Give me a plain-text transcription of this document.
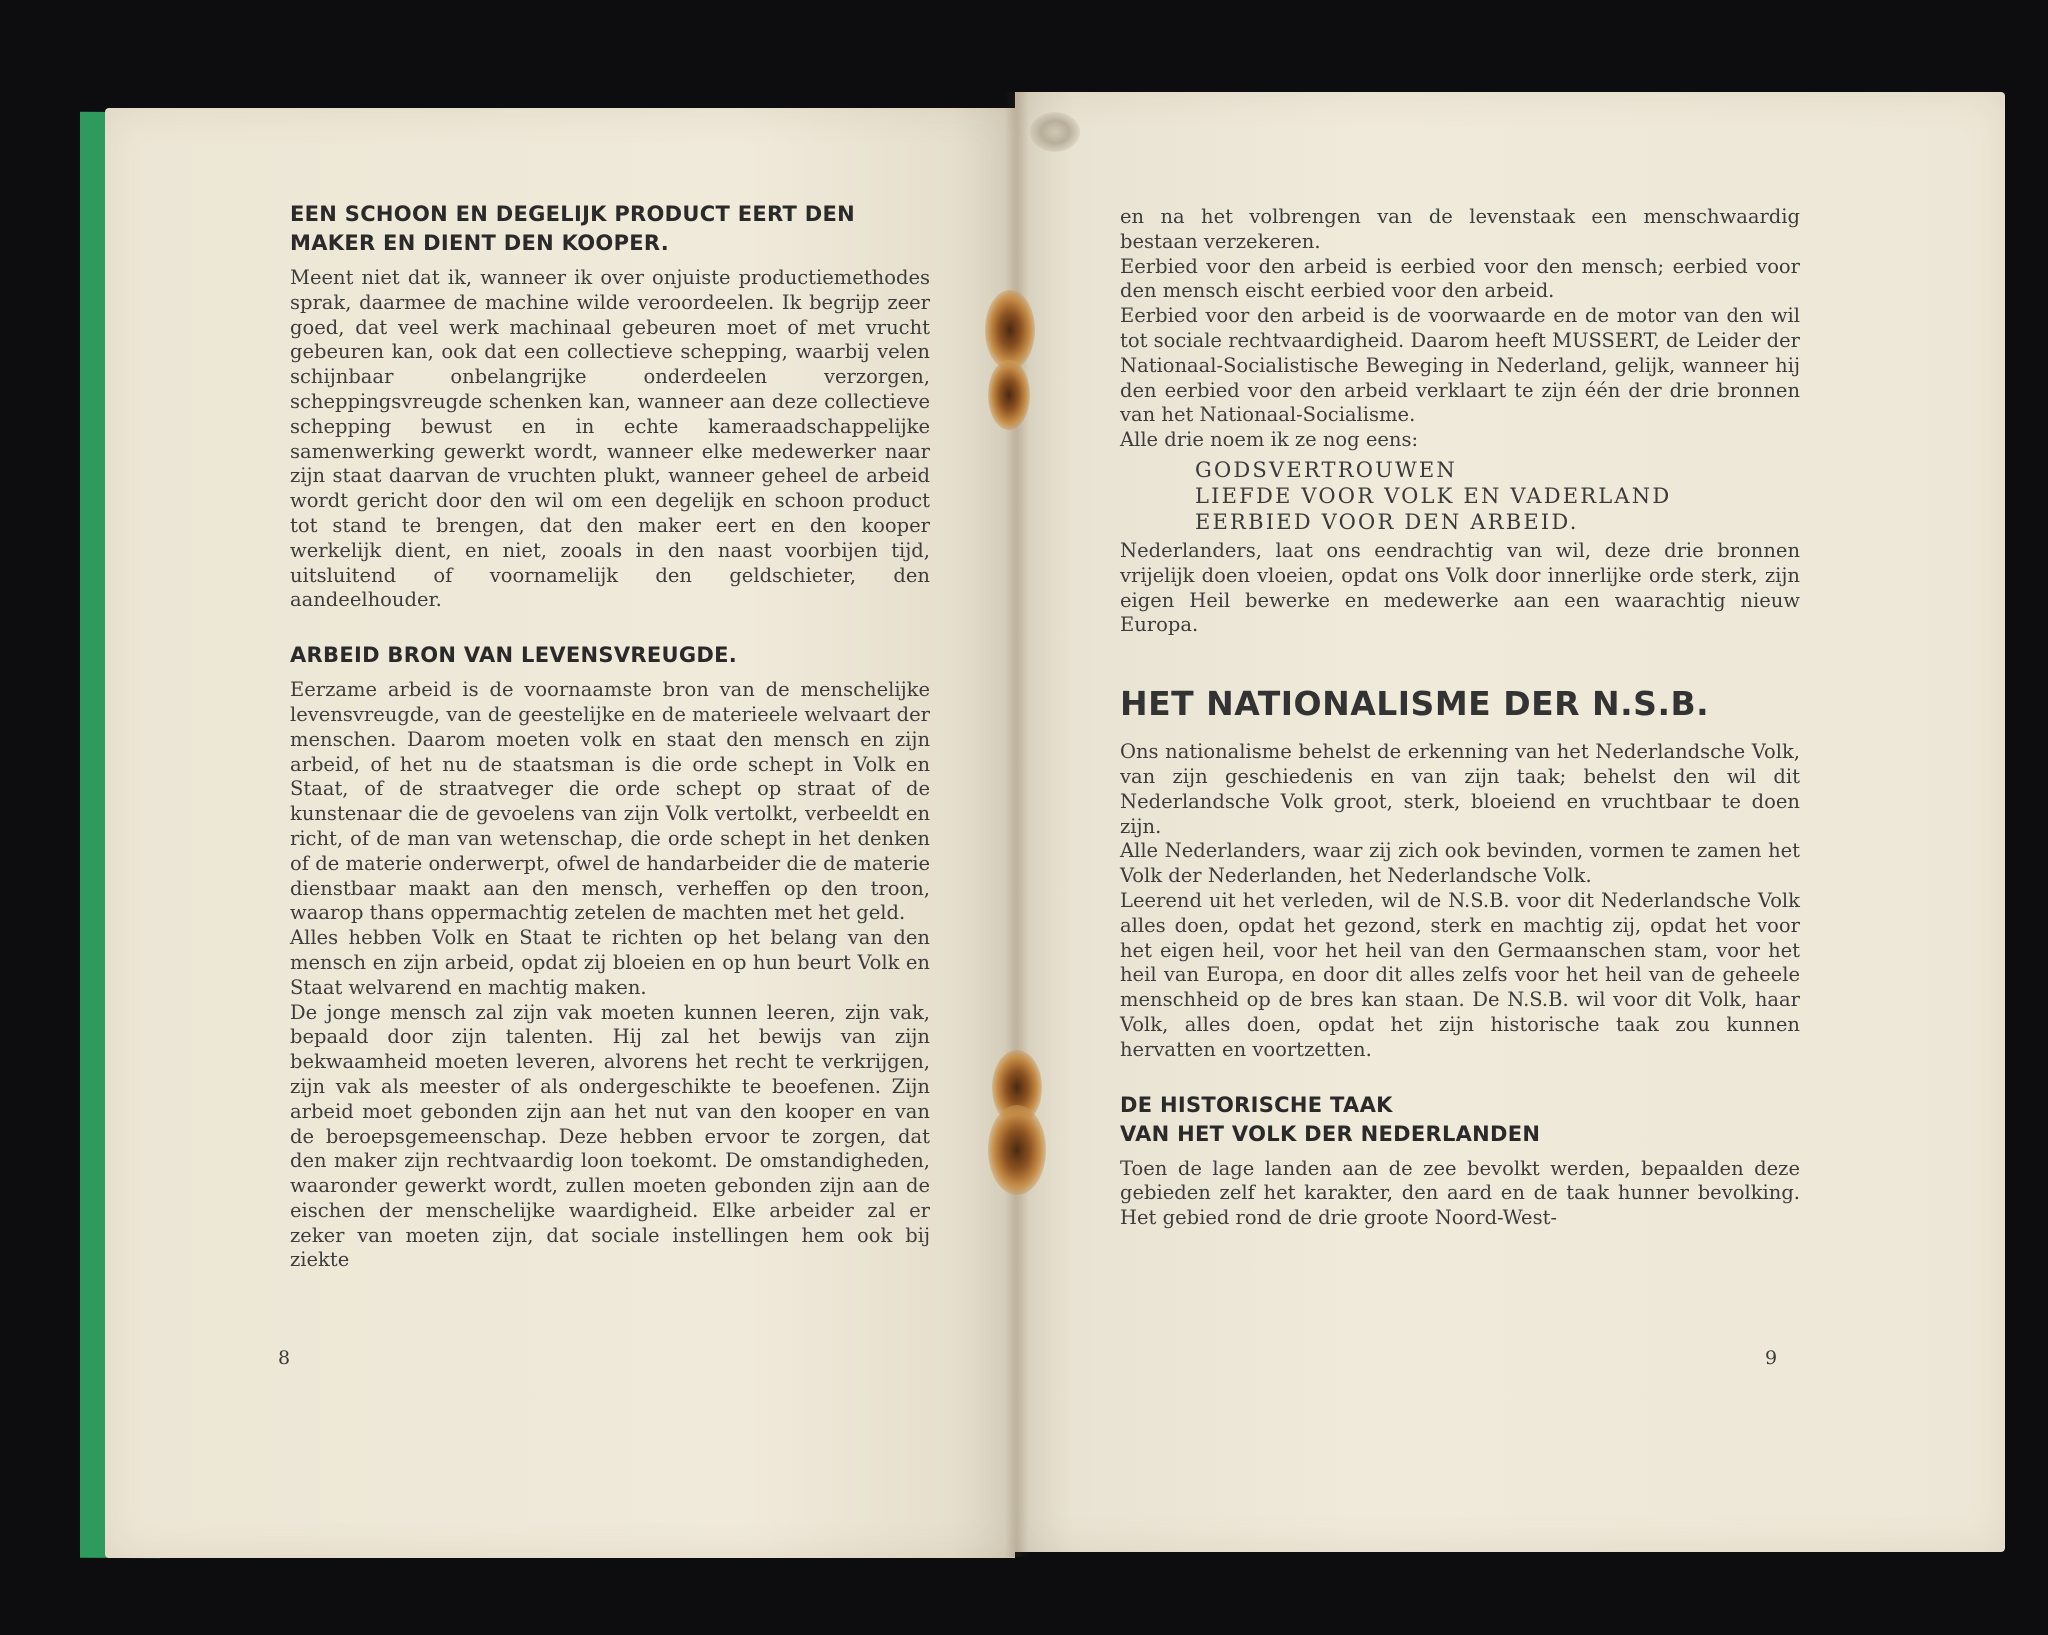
EEN SCHOON EN DEGELIJK PRODUCT EERT DEN
MAKER EN DIENT DEN KOOPER.

Meent niet dat ik, wanneer ik over onjuiste productiemethodes sprak, daarmee de machine wilde veroordeelen. Ik begrijp zeer goed, dat veel werk machinaal gebeuren moet of met vrucht gebeuren kan, ook dat een collectieve schepping, waarbij velen schijnbaar onbelangrijke onderdeelen verzorgen, scheppingsvreugde schenken kan, wanneer aan deze collectieve schepping bewust en in echte kameraadschappelijke samenwerking gewerkt wordt, wanneer elke medewerker naar zijn staat daarvan de vruchten plukt, wanneer geheel de arbeid wordt gericht door den wil om een degelijk en schoon product tot stand te brengen, dat den maker eert en den kooper werkelijk dient, en niet, zooals in den naast voorbijen tijd, uitsluitend of voornamelijk den geldschieter, den aandeelhouder.

ARBEID BRON VAN LEVENSVREUGDE.

Eerzame arbeid is de voornaamste bron van de menschelijke levensvreugde, van de geestelijke en de materieele welvaart der menschen. Daarom moeten volk en staat den mensch en zijn arbeid, of het nu de staatsman is die orde schept in Volk en Staat, of de straatveger die orde schept op straat of de kunstenaar die de gevoelens van zijn Volk vertolkt, verbeeldt en richt, of de man van wetenschap, die orde schept in het denken of de materie onderwerpt, ofwel de handarbeider die de materie dienstbaar maakt aan den mensch, verheffen op den troon, waarop thans oppermachtig zetelen de machten met het geld.

Alles hebben Volk en Staat te richten op het belang van den mensch en zijn arbeid, opdat zij bloeien en op hun beurt Volk en Staat welvarend en machtig maken.

De jonge mensch zal zijn vak moeten kunnen leeren, zijn vak, bepaald door zijn talenten. Hij zal het bewijs van zijn bekwaamheid moeten leveren, alvorens het recht te verkrijgen, zijn vak als meester of als ondergeschikte te beoefenen. Zijn arbeid moet gebonden zijn aan het nut van den kooper en van de beroepsgemeenschap. Deze hebben ervoor te zorgen, dat den maker zijn rechtvaardig loon toekomt. De omstandigheden, waaronder gewerkt wordt, zullen moeten gebonden zijn aan de eischen der menschelijke waardigheid. Elke arbeider zal er zeker van moeten zijn, dat sociale instellingen hem ook bij ziekte

8

en na het volbrengen van de levenstaak een menschwaardig bestaan verzekeren.

Eerbied voor den arbeid is eerbied voor den mensch; eerbied voor den mensch eischt eerbied voor den arbeid.

Eerbied voor den arbeid is de voorwaarde en de motor van den wil tot sociale rechtvaardigheid. Daarom heeft MUSSERT, de Leider der Nationaal-Socialistische Beweging in Nederland, gelijk, wanneer hij den eerbied voor den arbeid verklaart te zijn één der drie bronnen van het Nationaal-Socialisme.

Alle drie noem ik ze nog eens:

GODSVERTROUWEN
LIEFDE VOOR VOLK EN VADERLAND
EERBIED VOOR DEN ARBEID.

Nederlanders, laat ons eendrachtig van wil, deze drie bronnen vrijelijk doen vloeien, opdat ons Volk door innerlijke orde sterk, zijn eigen Heil bewerke en medewerke aan een waarachtig nieuw Europa.

HET NATIONALISME DER N.S.B.

Ons nationalisme behelst de erkenning van het Nederlandsche Volk, van zijn geschiedenis en van zijn taak; behelst den wil dit Nederlandsche Volk groot, sterk, bloeiend en vruchtbaar te doen zijn.

Alle Nederlanders, waar zij zich ook bevinden, vormen te zamen het Volk der Nederlanden, het Nederlandsche Volk.

Leerend uit het verleden, wil de N.S.B. voor dit Nederlandsche Volk alles doen, opdat het gezond, sterk en machtig zij, opdat het voor het eigen heil, voor het heil van den Germaanschen stam, voor het heil van Europa, en door dit alles zelfs voor het heil van de geheele menschheid op de bres kan staan. De N.S.B. wil voor dit Volk, haar Volk, alles doen, opdat het zijn historische taak zou kunnen hervatten en voortzetten.

DE HISTORISCHE TAAK
VAN HET VOLK DER NEDERLANDEN

Toen de lage landen aan de zee bevolkt werden, bepaalden deze gebieden zelf het karakter, den aard en de taak hunner bevolking. Het gebied rond de drie groote Noord-West-

9
